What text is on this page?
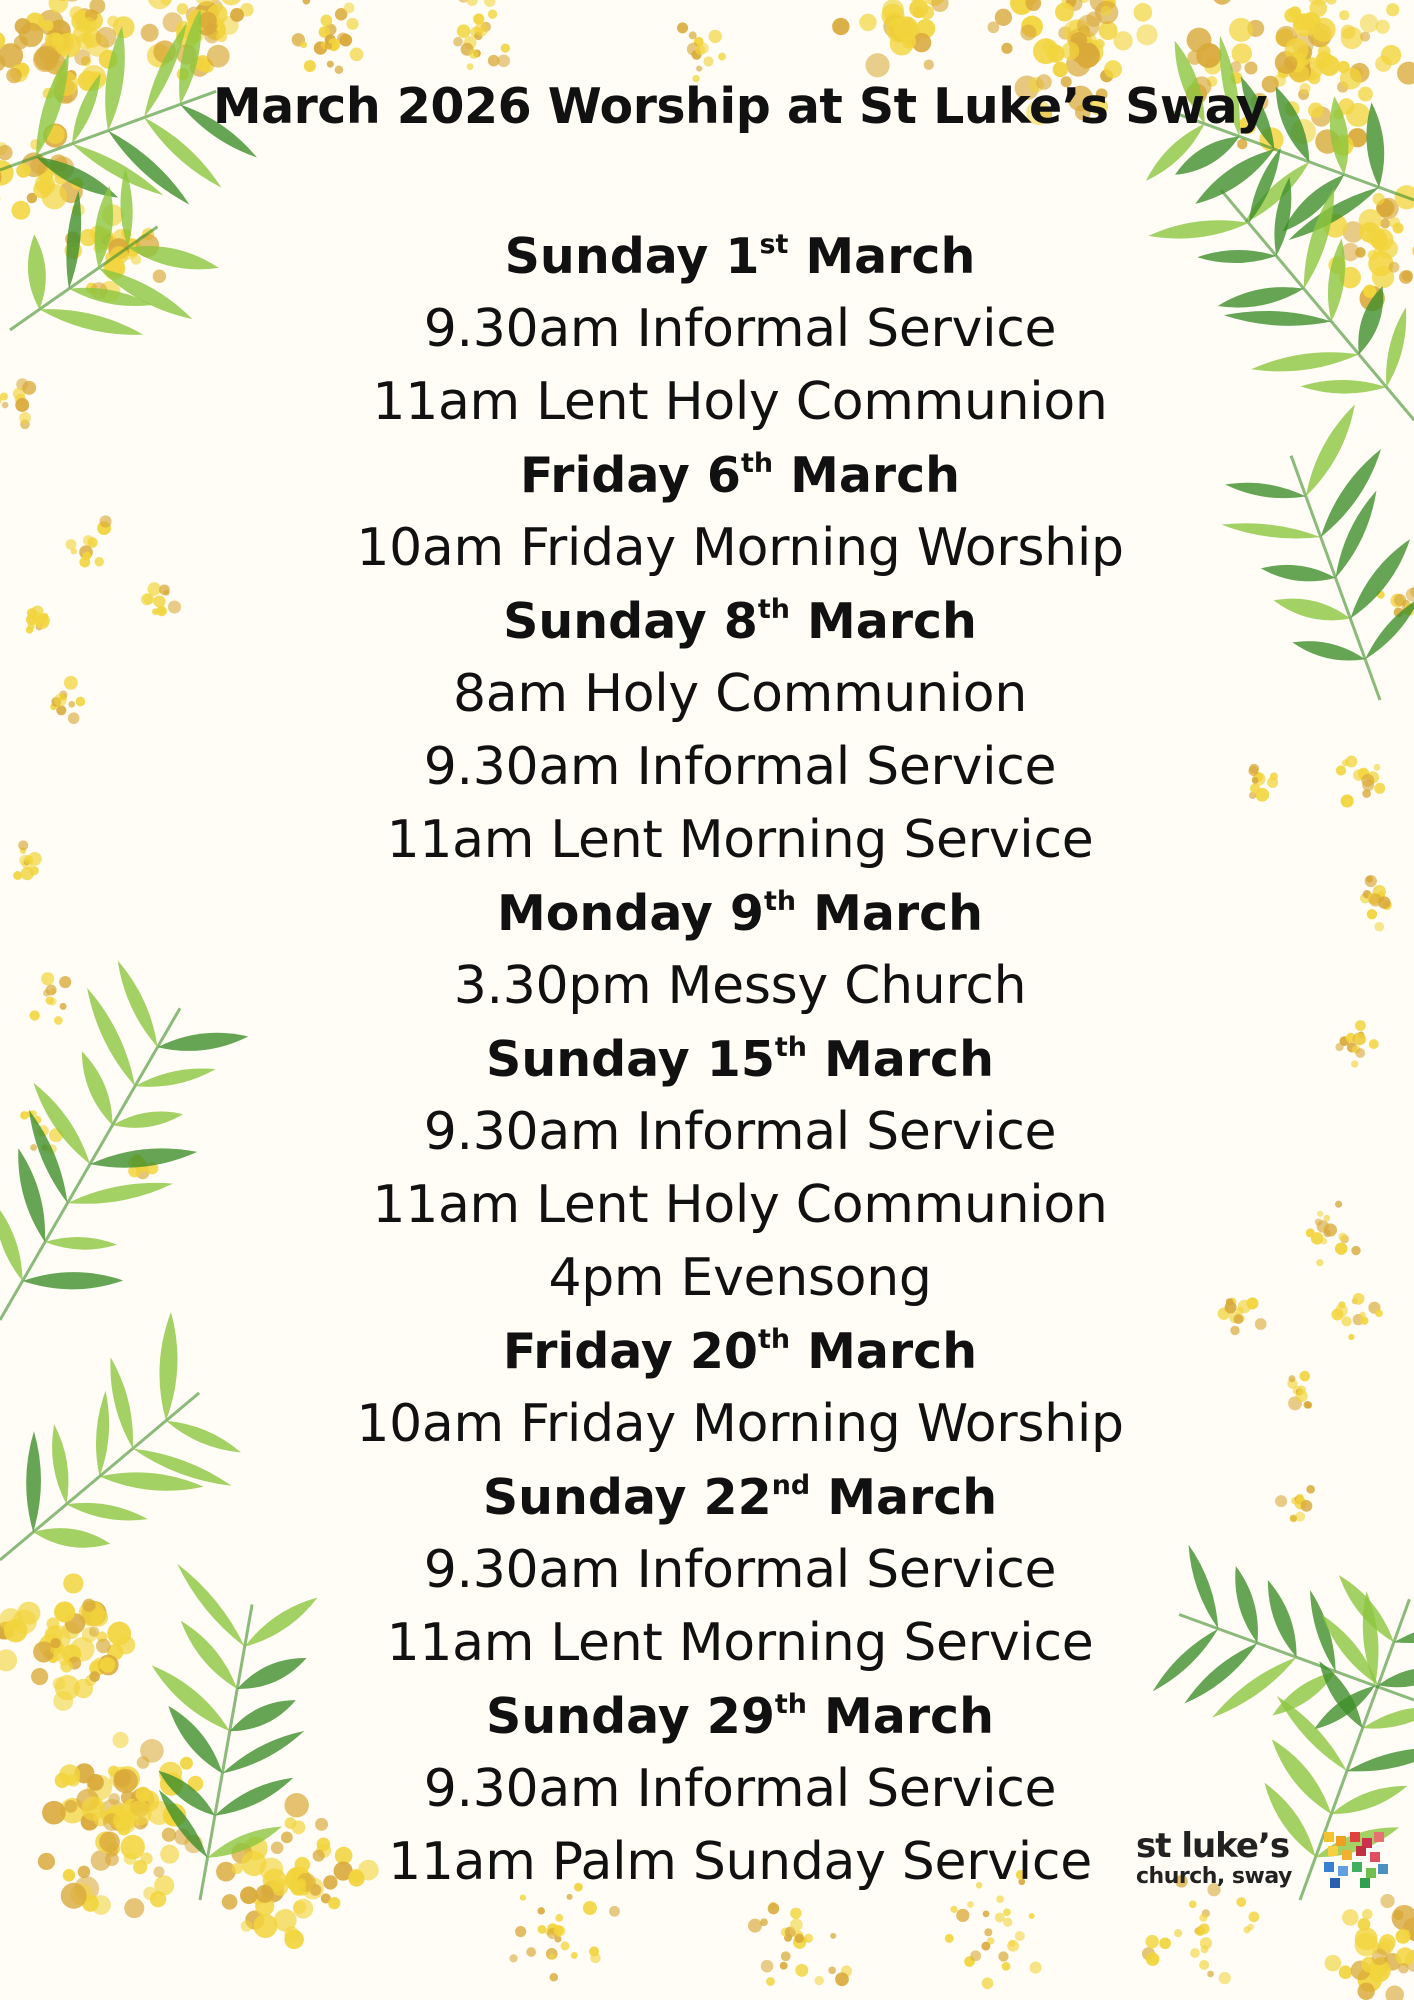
March 2026 Worship at St Luke’s Sway
Sunday 1st March
9.30am Informal Service
11am Lent Holy Communion
Friday 6th March
10am Friday Morning Worship
Sunday 8th March
8am Holy Communion
9.30am Informal Service
11am Lent Morning Service
Monday 9th March
3.30pm Messy Church
Sunday 15th March
9.30am Informal Service
11am Lent Holy Communion
4pm Evensong
Friday 20th March
10am Friday Morning Worship
Sunday 22nd March
9.30am Informal Service
11am Lent Morning Service
Sunday 29th March
9.30am Informal Service
11am Palm Sunday Service	st luke’s
church, sway
